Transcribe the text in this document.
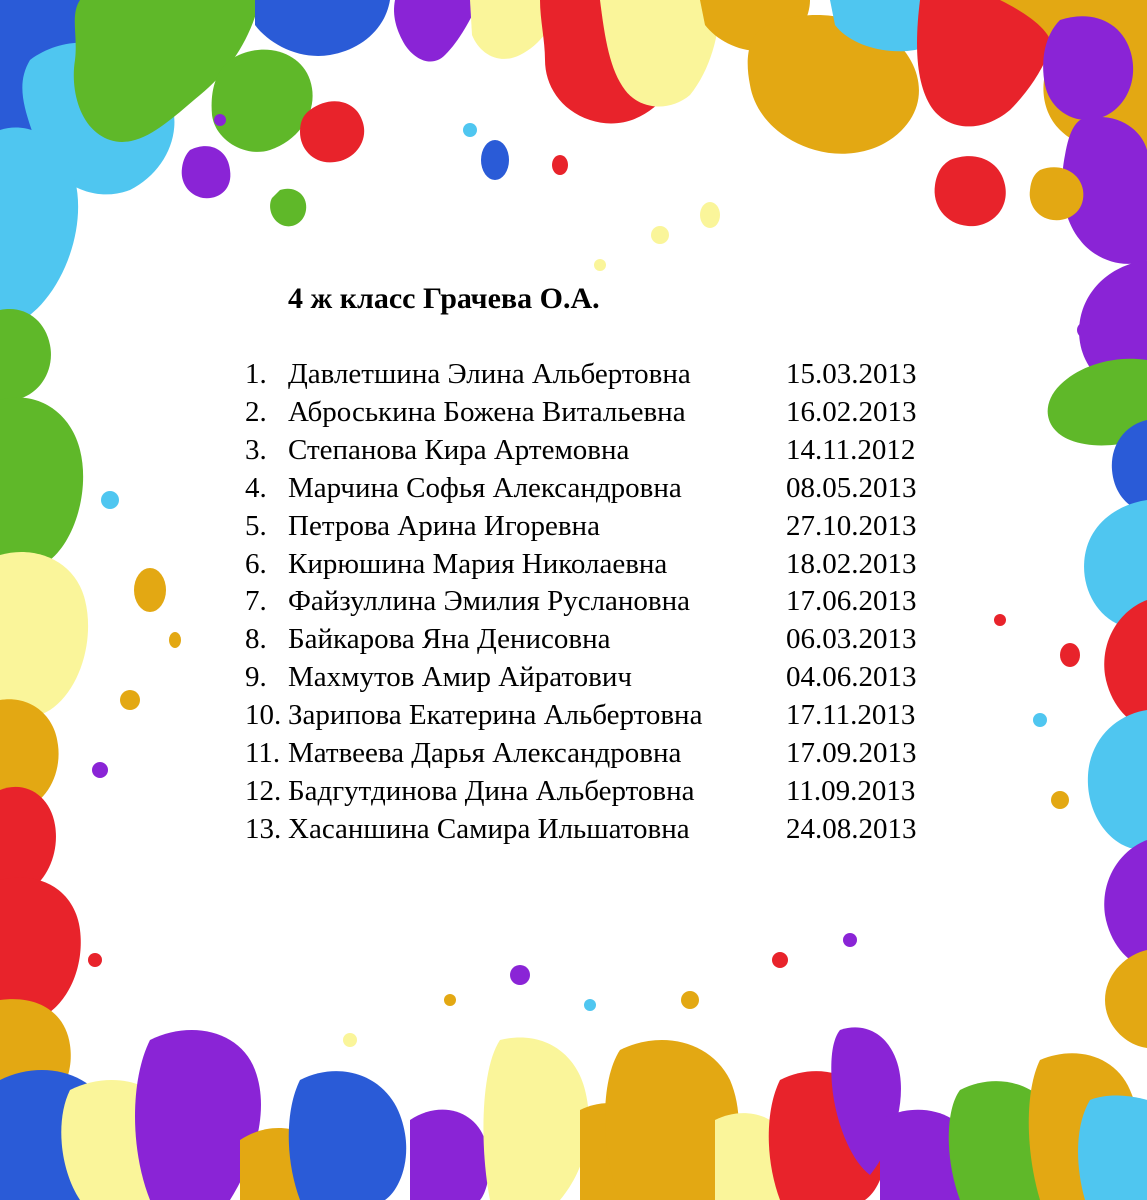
4 ж класс Грачева О.А.
1. Давлетшина Элина Альбертовна	15.03.2013
2. Аброськина Божена Витальевна	16.02.2013
3. Степанова Кира Артемовна	14.11.2012
4. Марчина Софья Александровна	08.05.2013
5. Петрова Арина Игоревна	27.10.2013
6. Кирюшина Мария Николаевна	18.02.2013
7. Файзуллина Эмилия Руслановна	17.06.2013
8. Байкарова Яна Денисовна	06.03.2013
9. Махмутов Амир Айратович	04.06.2013
10. Зарипова Екатерина Альбертовна	17.11.2013
11. Матвеева Дарья Александровна	17.09.2013
12. Бадгутдинова Дина Альбертовна	11.09.2013
13. Хасаншина Самира Ильшатовна	24.08.2013
